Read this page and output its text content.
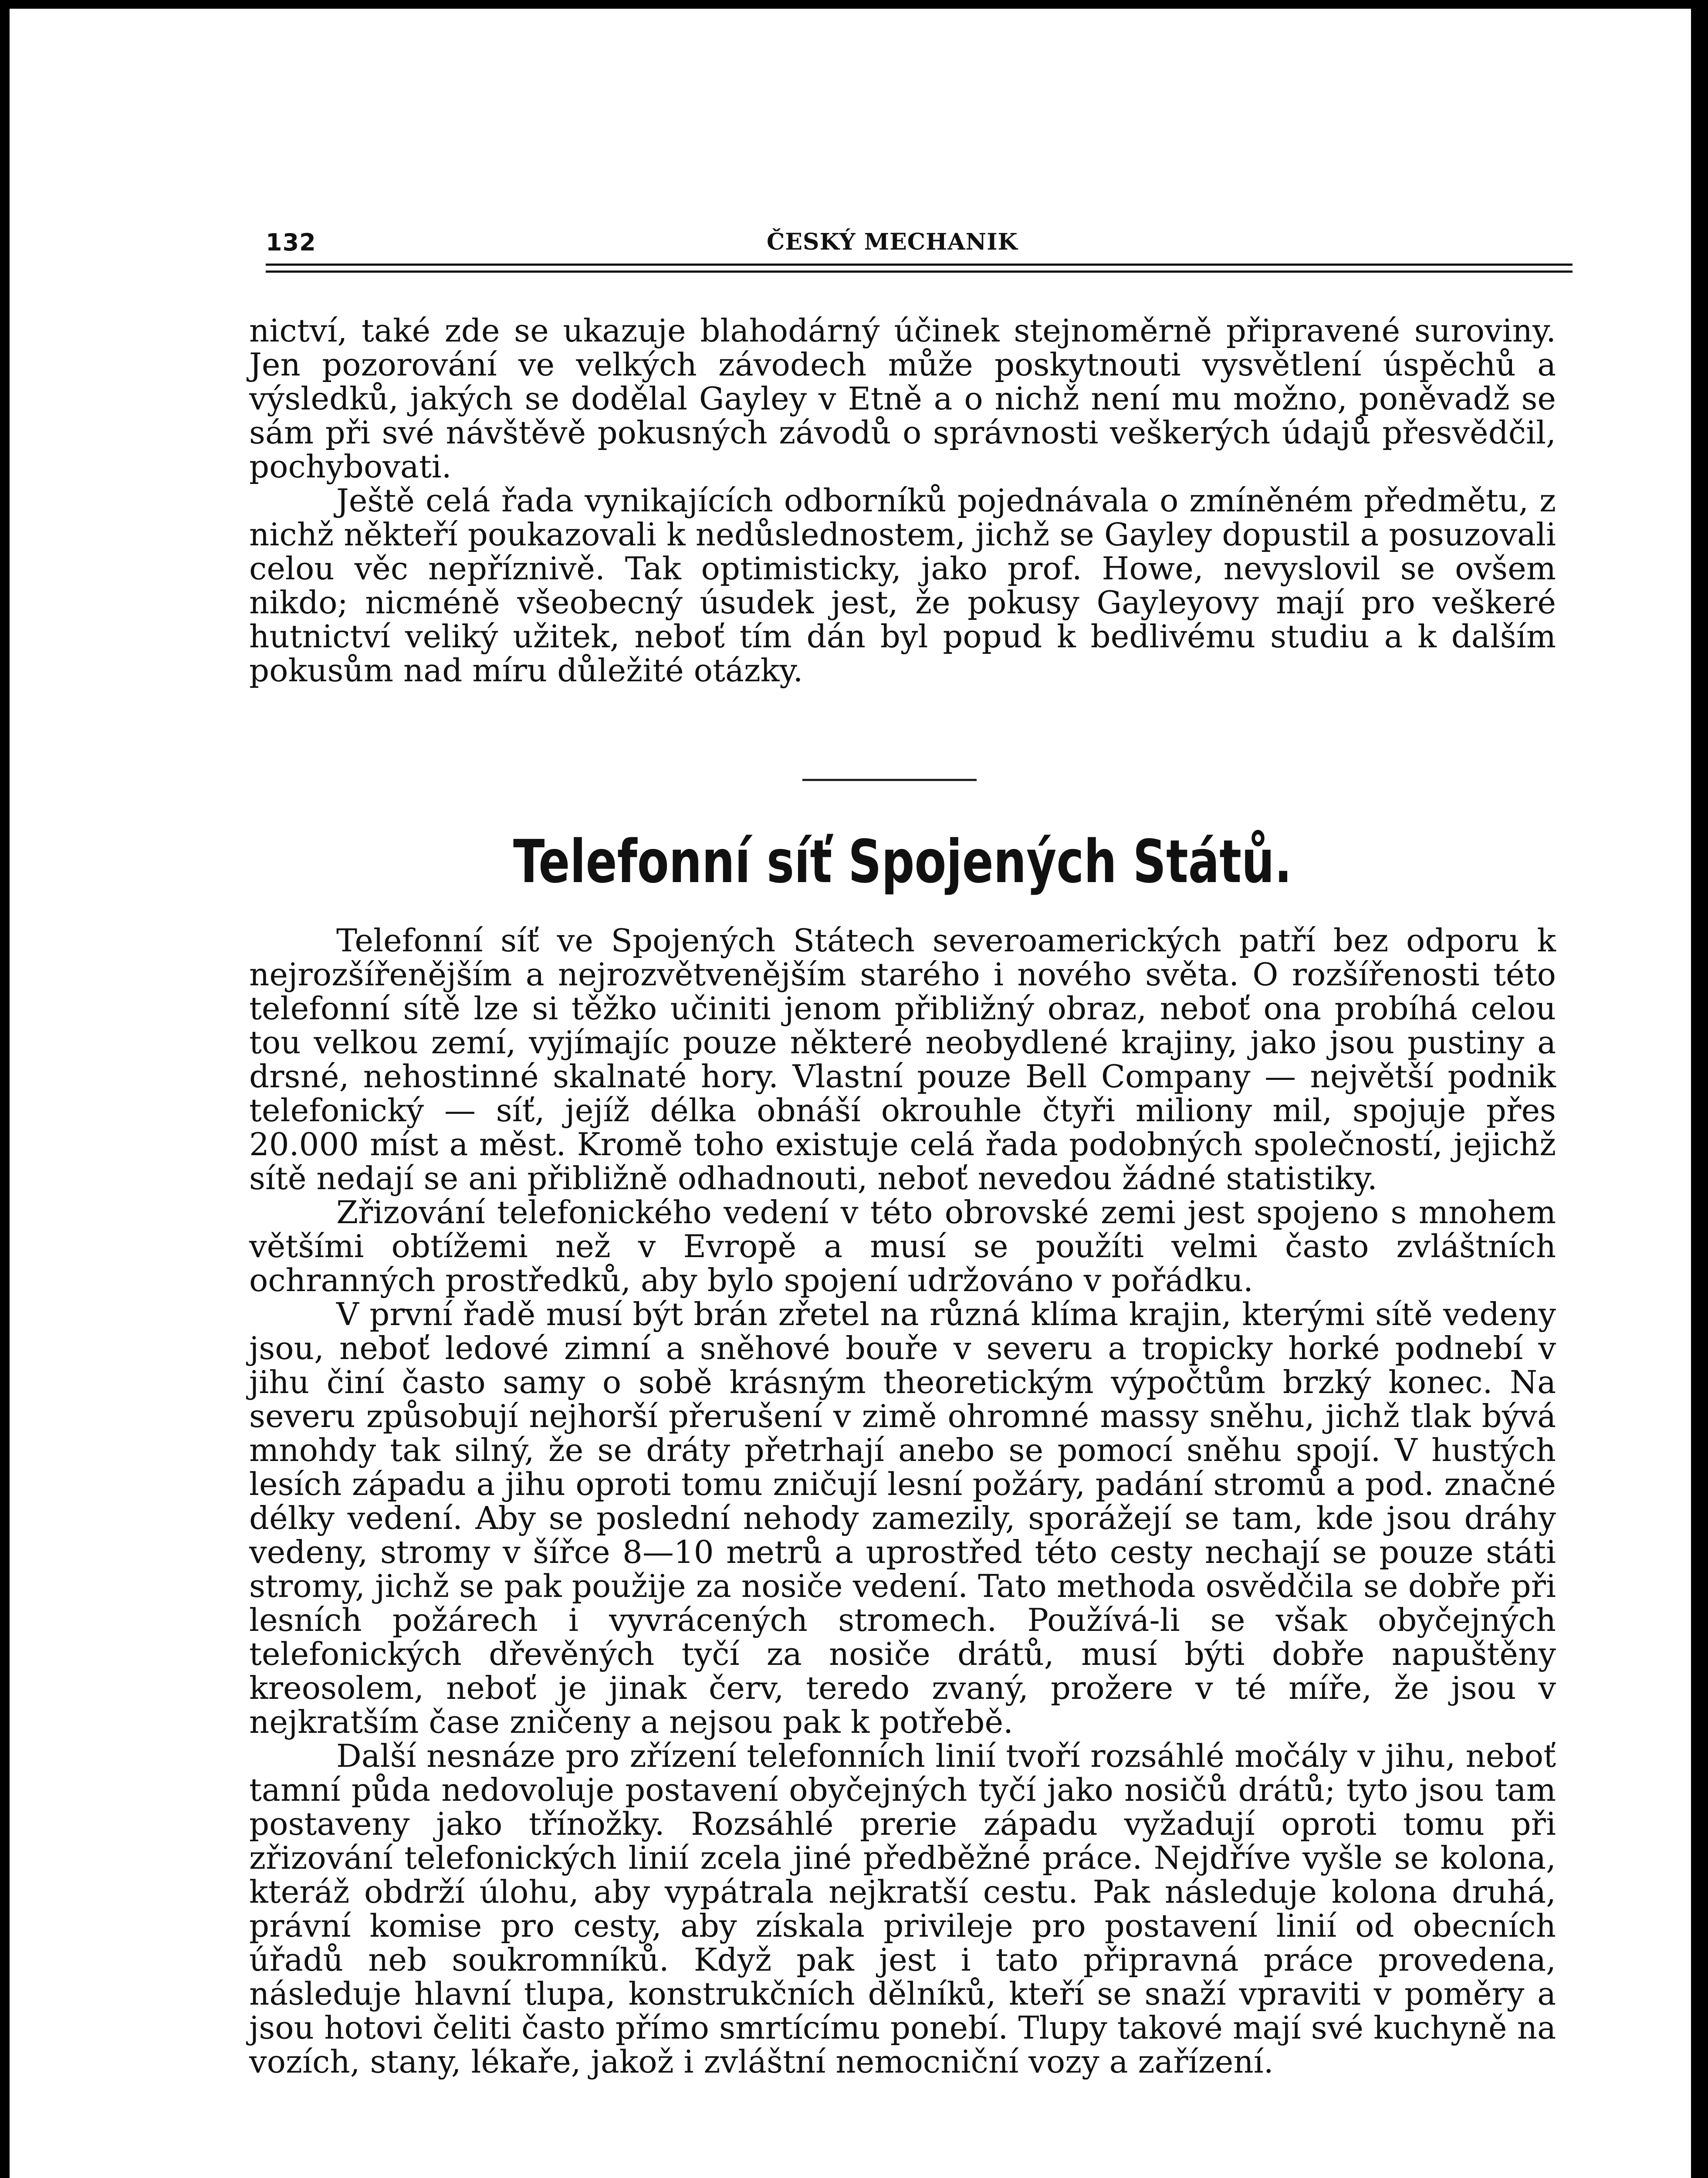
132	ČESKÝ MECHANIK

nictví, také zde se ukazuje blahodárný účinek stejnoměrně připravené suroviny. Jen pozorování ve velkých závodech může poskytnouti vysvětlení úspěchů a výsledků, jakých se dodělal Gayley v Etně a o nichž není mu možno, poněvadž se sám při své návštěvě pokusných závodů o správnosti veškerých údajů přesvědčil, pochybovati.

Ještě celá řada vynikajících odborníků pojednávala o zmíněném předmětu, z nichž někteří poukazovali k nedůslednostem, jichž se Gayley dopustil a posuzovali celou věc nepříznivě. Tak optimisticky, jako prof. Howe, nevyslovil se ovšem nikdo; nicméně všeobecný úsudek jest, že pokusy Gayleyovy mají pro veškeré hutnictví veliký užitek, neboť tím dán byl popud k bedlivému studiu a k dalším pokusům nad míru důležité otázky.

Telefonní síť Spojených Států.

Telefonní síť ve Spojených Státech severoamerických patří bez odporu k nejrozšířenějším a nejrozvětvenějším starého i nového světa. O rozšířenosti této telefonní sítě lze si těžko učiniti jenom přibližný obraz, neboť ona probíhá celou tou velkou zemí, vyjímajíc pouze některé neobydlené krajiny, jako jsou pustiny a drsné, nehostinné skalnaté hory. Vlastní pouze Bell Company — největší podnik telefonický — síť, jejíž délka obnáší okrouhle čtyři miliony mil, spojuje přes 20.000 míst a měst. Kromě toho existuje celá řada podobných společností, jejichž sítě nedají se ani přibližně odhadnouti, neboť nevedou žádné statistiky.

Zřizování telefonického vedení v této obrovské zemi jest spojeno s mnohem většími obtížemi než v Evropě a musí se použíti velmi často zvláštních ochranných prostředků, aby bylo spojení udržováno v pořádku.

V první řadě musí být brán zřetel na různá klíma krajin, kterými sítě vedeny jsou, neboť ledové zimní a sněhové bouře v severu a tropicky horké podnebí v jihu činí často samy o sobě krásným theoretickým výpočtům brzký konec. Na severu způsobují nejhorší přerušení v zimě ohromné massy sněhu, jichž tlak bývá mnohdy tak silný, že se dráty přetrhají anebo se pomocí sněhu spojí. V hustých lesích západu a jihu oproti tomu zničují lesní požáry, padání stromů a pod. značné délky vedení. Aby se poslední nehody zamezily, sporážejí se tam, kde jsou dráhy vedeny, stromy v šířce 8—10 metrů a uprostřed této cesty nechají se pouze státi stromy, jichž se pak použije za nosiče vedení. Tato methoda osvědčila se dobře při lesních požárech i vyvrácených stromech. Používá-li se však obyčejných telefonických dřevěných tyčí za nosiče drátů, musí býti dobře napuštěny kreosolem, neboť je jinak červ, teredo zvaný, prožere v té míře, že jsou v nejkratším čase zničeny a nejsou pak k potřebě.

Další nesnáze pro zřízení telefonních linií tvoří rozsáhlé močály v jihu, neboť tamní půda nedovoluje postavení obyčejných tyčí jako nosičů drátů; tyto jsou tam postaveny jako třínožky. Rozsáhlé prerie západu vyžadují oproti tomu při zřizování telefonických linií zcela jiné předběžné práce. Nejdříve vyšle se kolona, kteráž obdrží úlohu, aby vypátrala nejkratší cestu. Pak následuje kolona druhá, právní komise pro cesty, aby získala privileje pro postavení linií od obecních úřadů neb soukromníků. Když pak jest i tato připravná práce provedena, následuje hlavní tlupa, konstrukčních dělníků, kteří se snaží vpraviti v poměry a jsou hotovi čeliti často přímo smrtícímu ponebí. Tlupy takové mají své kuchyně na vozích, stany, lékaře, jakož i zvláštní nemocniční vozy a zařízení.
